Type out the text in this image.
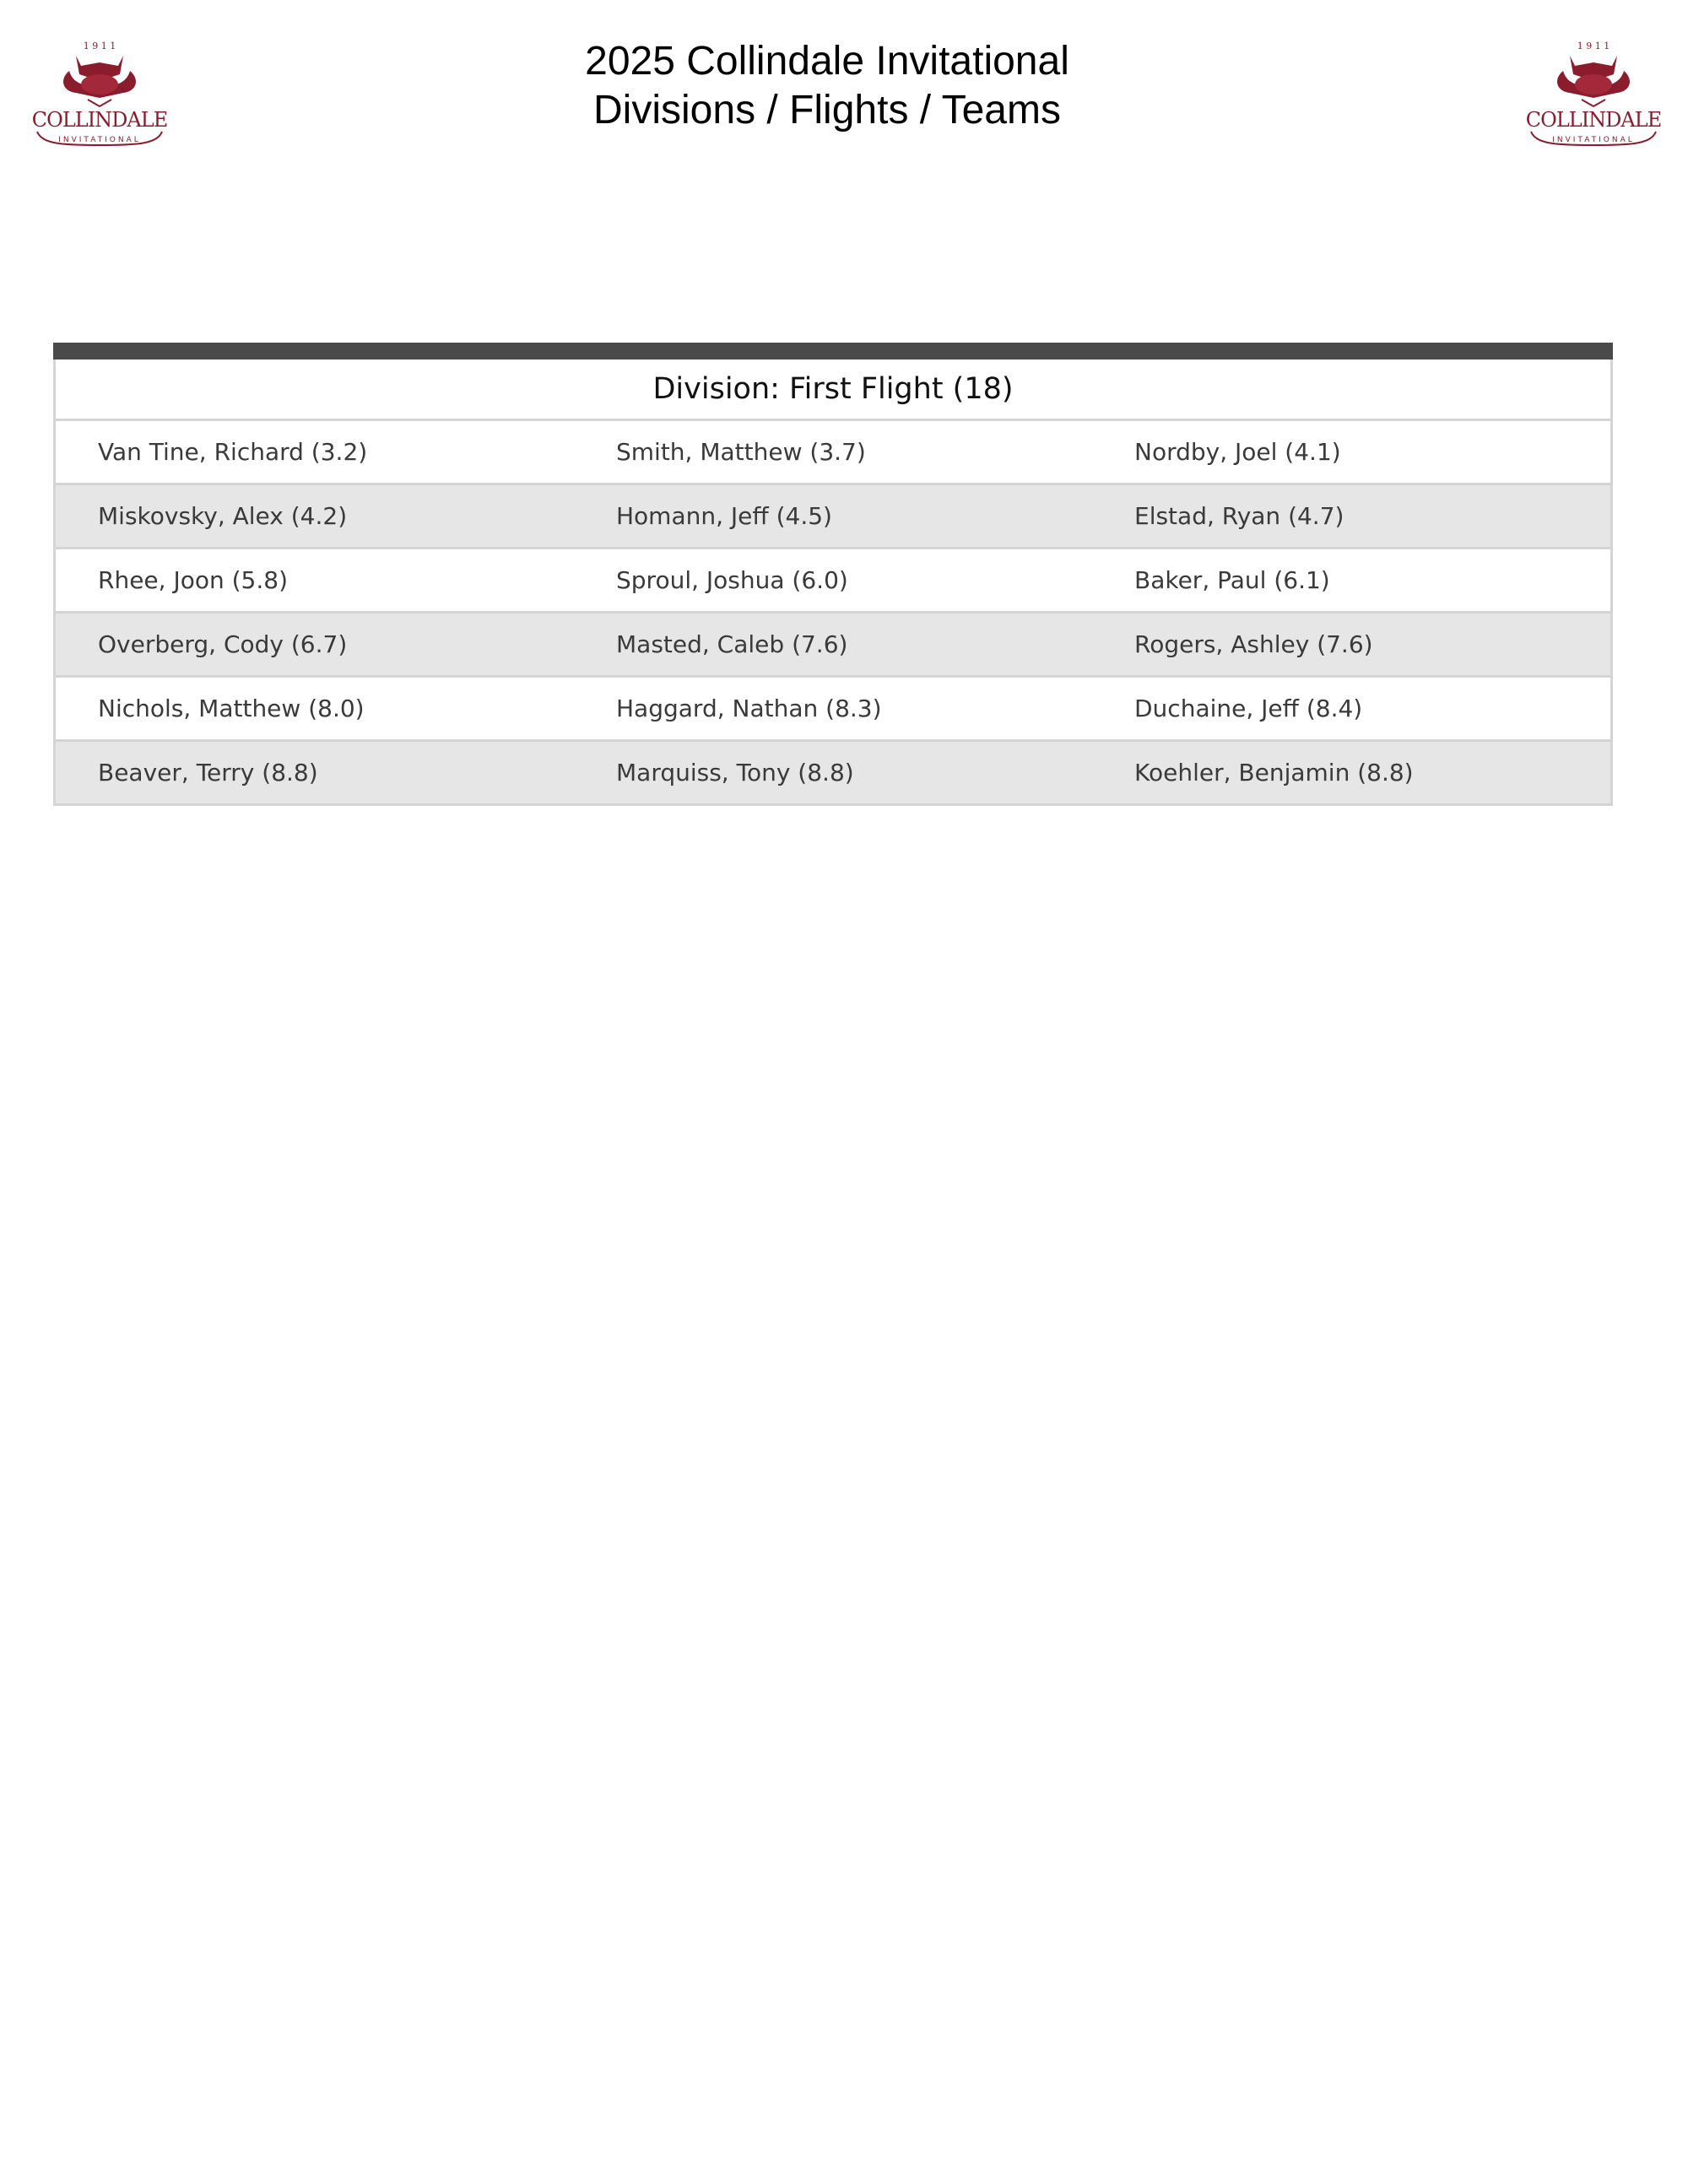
1 9 1 1
COLLINDALE
INVITATIONAL
1 9 1 1
COLLINDALE
INVITATIONAL
2025 Collindale Invitational
Divisions / Flights / Teams
Division: First Flight (18)
Van Tine, Richard (3.2)	Smith, Matthew (3.7)	Nordby, Joel (4.1)
Miskovsky, Alex (4.2)	Homann, Jeff (4.5)	Elstad, Ryan (4.7)
Rhee, Joon (5.8)	Sproul, Joshua (6.0)	Baker, Paul (6.1)
Overberg, Cody (6.7)	Masted, Caleb (7.6)	Rogers, Ashley (7.6)
Nichols, Matthew (8.0)	Haggard, Nathan (8.3)	Duchaine, Jeff (8.4)
Beaver, Terry (8.8)	Marquiss, Tony (8.8)	Koehler, Benjamin (8.8)
